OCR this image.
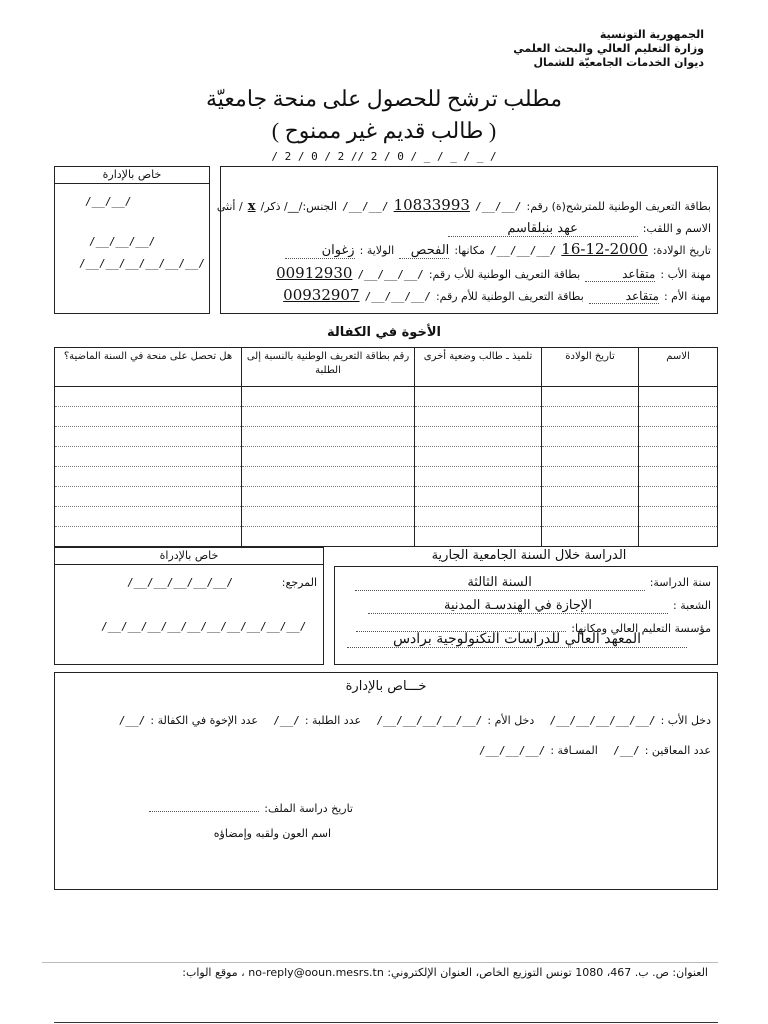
الجمهورية التونسية
وزارة التعليم العالي والبحث العلمي
ديوان الخدمات الجامعيّة للشمال
مطلب ترشح للحصول على منحة جامعيّة
( طالب قديم غير ممنوح )
/ 2 / 0 / 2 // 2 / 0 / _ / _ / _ /
خاص بالإدارة
/__/__/
/__/__/__/
/__/__/__/__/__/__/
بطاقة التعريف الوطنية للمترشح(ة) رقم: /__/__/ 10833993 /__/__/ الجنس:/__/ ذكر/ x / أنثى
الاسم و اللقب: عهد بنبلقاسم
تاريخ الولادة: 16-12-2000 /__/__/__/ مكانها: الفحص الولاية : زغوان
مهنة الأب : متقاعد بطاقة التعريف الوطنية للأب رقم: /__/__/__/ 00912930
مهنة الأم : متقاعد بطاقة التعريف الوطنية للأم رقم: /__/__/__/ 00932907
الأخوة في الكفالة
الاسم	تاريخ الولادة	تلميذ ـ طالب وضعية أخرى	رقم بطاقة التعريف الوطنية بالنسبة إلى الطلبة	هل تحصل على منحة في السنة الماضية؟

خاص بالإدراة
المرجع:
/__/__/__/__/__/
/__/__/__/__/__/__/__/__/__/__/
الدراسة خلال السنة الجامعية الجارية
سنة الدراسة: السنة الثالثة
الشعبة : الإجازة في الهندسـة المدنية
مؤسسة التعليم العالي ومكانها:
المعهد العالي للدراسات التكنولوجية برادس
خـــاص بالإدارة
دخل الأب : /__/__/__/__/__/   دخل الأم : /__/__/__/__/__/   عدد الطلبة : /__/   عدد الإخوة في الكفالة : /__/
عدد المعاقين : /__/   المسـافة : /__/__/__/
تاريخ دراسة الملف:
اسم العون ولقبه وإمضاؤه
العنوان: ص. ب. 467، 1080 تونس التوزيع الخاص، العنوان الإلكتروني: no-reply@ooun.mesrs.tn ، موقع الواب:
